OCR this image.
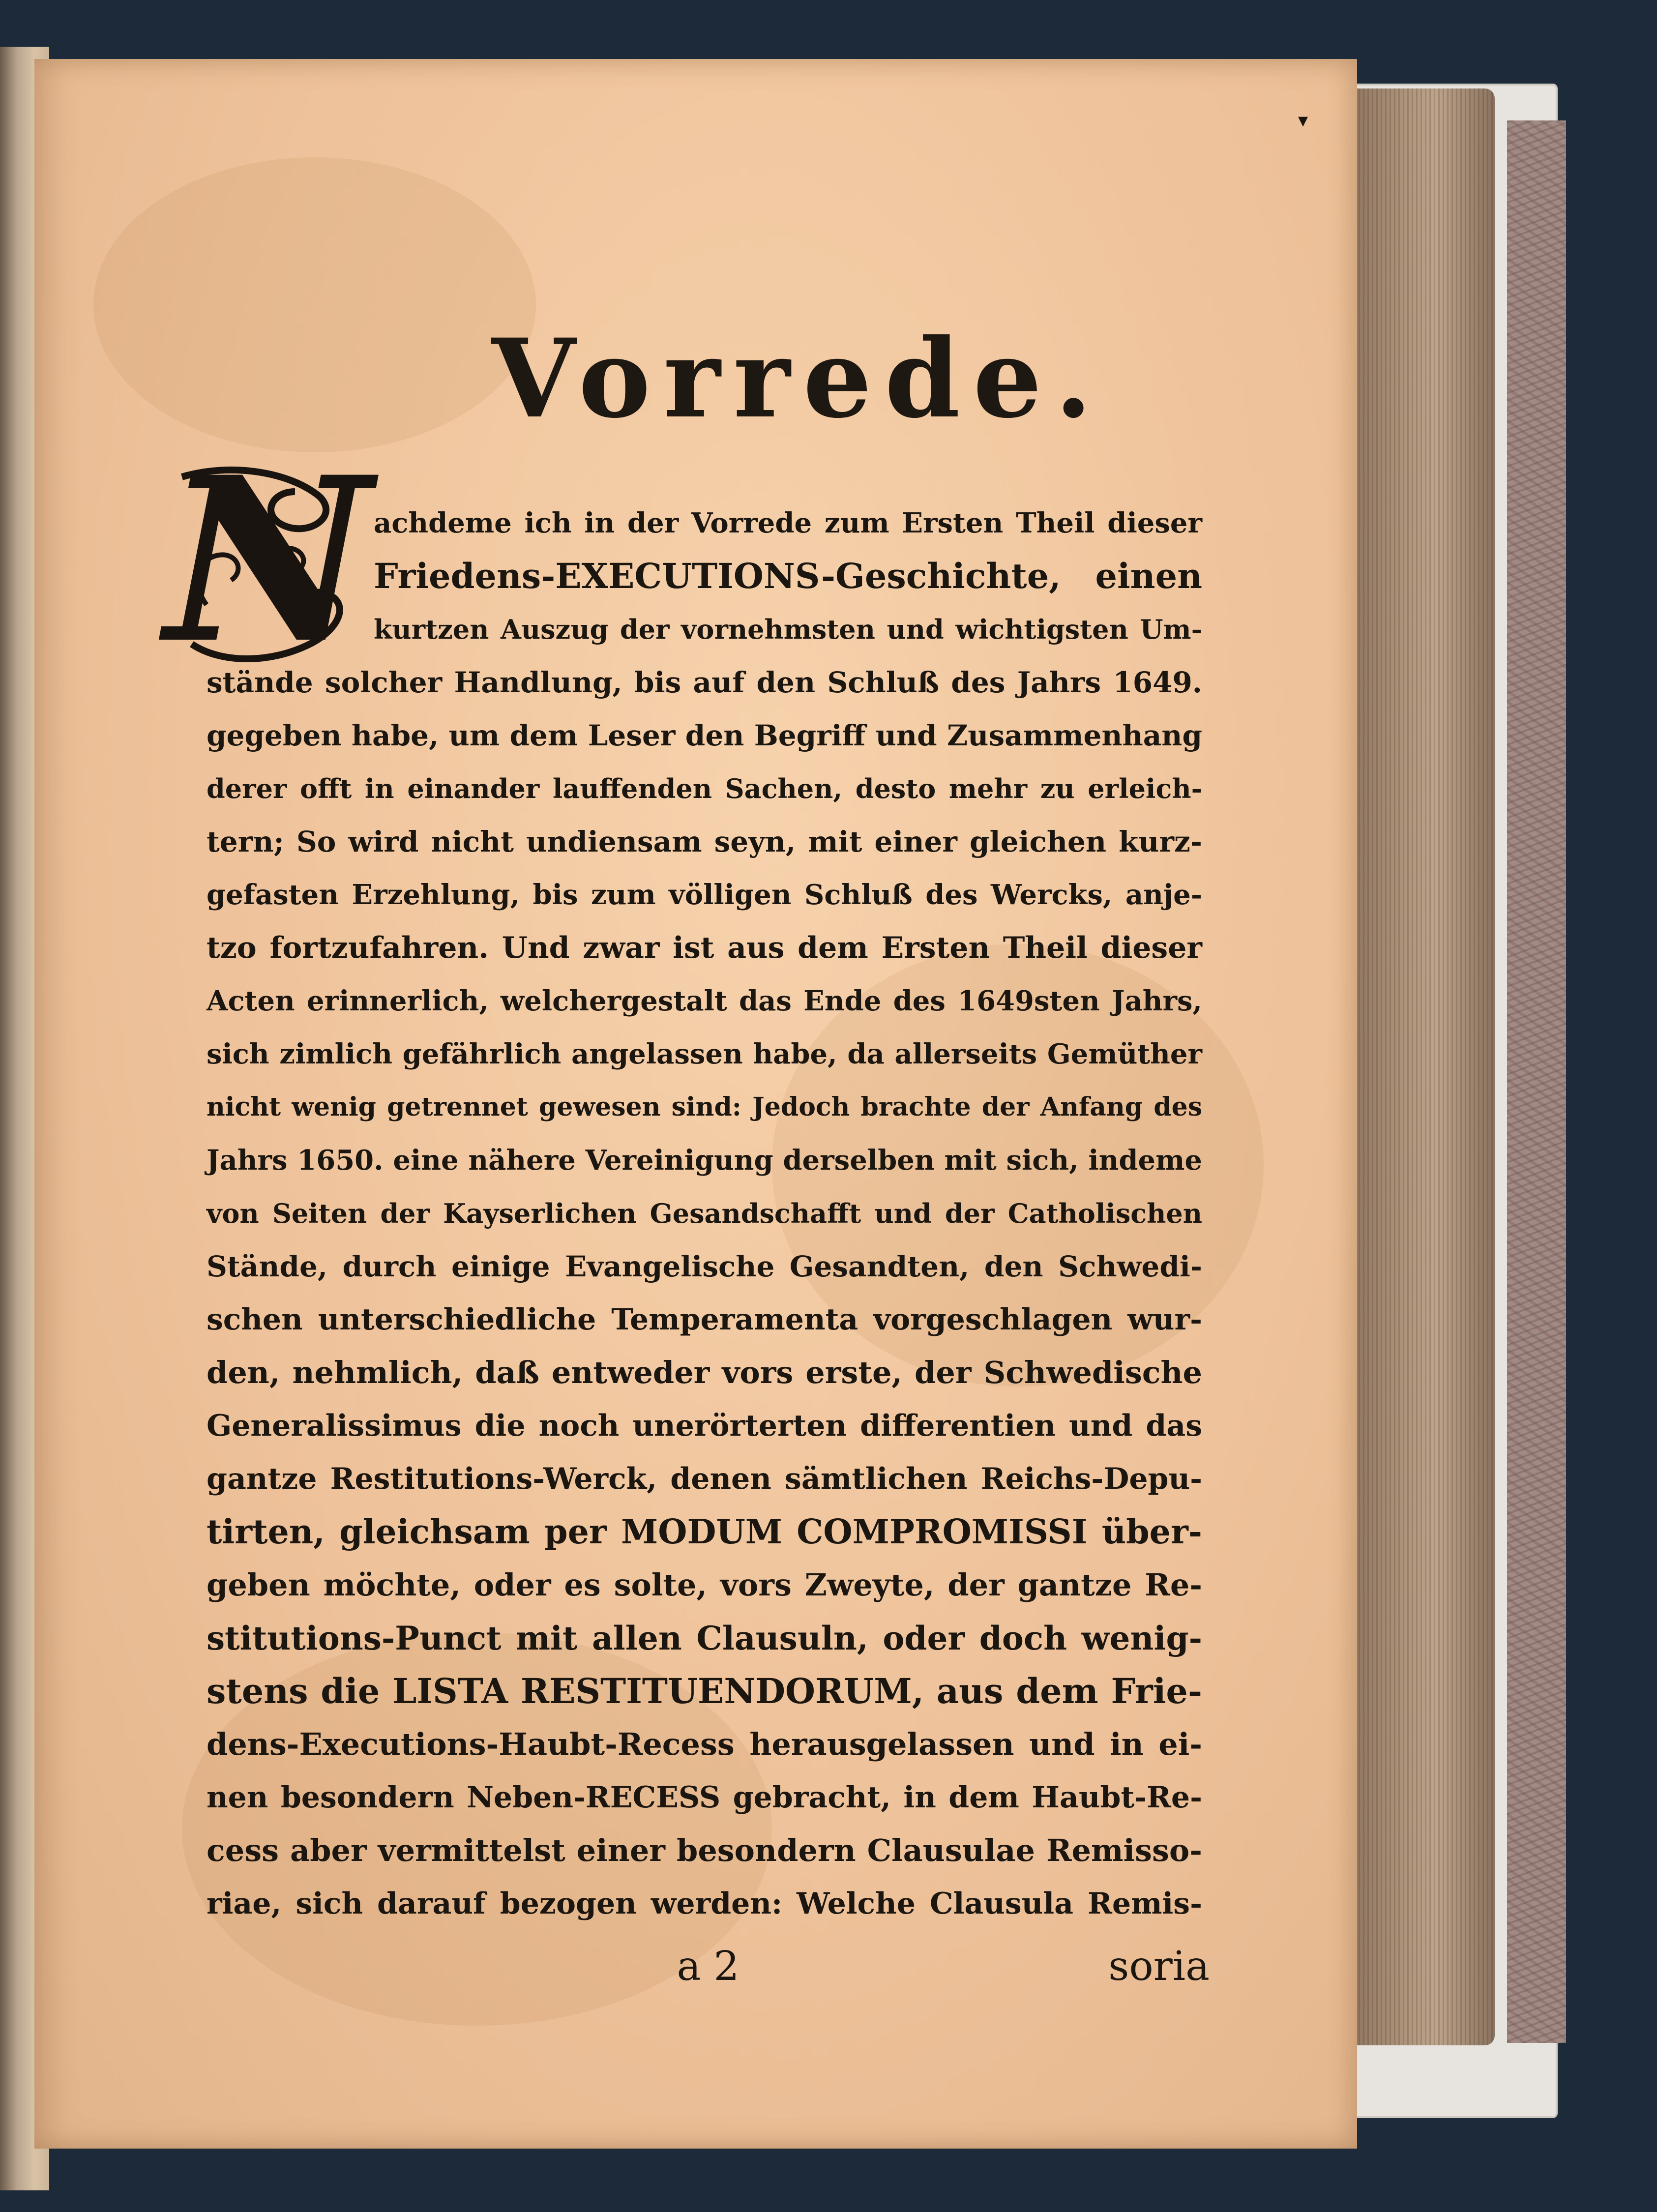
▾
Vorrede.
N achdeme ich in der Vorrede zum Ersten Theil dieser
Friedens-EXECUTIONS-Geschichte, einen
kurtzen Auszug der vornehmsten und wichtigsten Um-
stände solcher Handlung, bis auf den Schluß des Jahrs 1649.
gegeben habe, um dem Leser den Begriff und Zusammenhang
derer offt in einander lauffenden Sachen, desto mehr zu erleich-
tern; So wird nicht undiensam seyn, mit einer gleichen kurz-
gefasten Erzehlung, bis zum völligen Schluß des Wercks, anje-
tzo fortzufahren. Und zwar ist aus dem Ersten Theil dieser
Acten erinnerlich, welchergestalt das Ende des 1649sten Jahrs,
sich zimlich gefährlich angelassen habe, da allerseits Gemüther
nicht wenig getrennet gewesen sind: Jedoch brachte der Anfang des
Jahrs 1650. eine nähere Vereinigung derselben mit sich, indeme
von Seiten der Kayserlichen Gesandschafft und der Catholischen
Stände, durch einige Evangelische Gesandten, den Schwedi-
schen unterschiedliche Temperamenta vorgeschlagen wur-
den, nehmlich, daß entweder vors erste, der Schwedische
Generalissimus die noch unerörterten differentien und das
gantze Restitutions-Werck, denen sämtlichen Reichs-Depu-
tirten, gleichsam per MODUM COMPROMISSI über-
geben möchte, oder es solte, vors Zweyte, der gantze Re-
stitutions-Punct mit allen Clausuln, oder doch wenig-
stens die LISTA RESTITUENDORUM, aus dem Frie-
dens-Executions-Haubt-Recess herausgelassen und in ei-
nen besondern Neben-RECESS gebracht, in dem Haubt-Re-
cess aber vermittelst einer besondern Clausulae Remisso-
riae, sich darauf bezogen werden: Welche Clausula Remis-
a 2	soria
